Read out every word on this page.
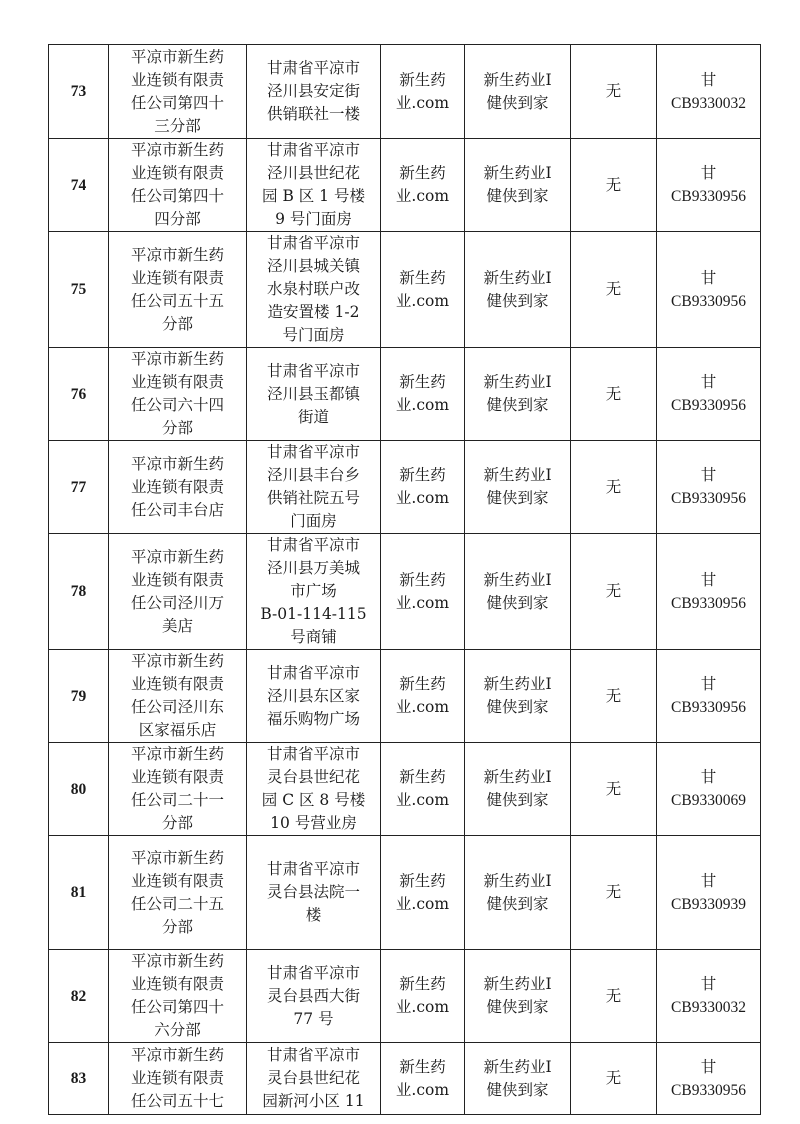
73	平凉市新生药
业连锁有限责
任公司第四十
三分部	甘肃省平凉市
泾川县安定街
供销联社一楼	新生药
业.com	新生药业I
健侠到家	无	甘
CB9330032
74	平凉市新生药
业连锁有限责
任公司第四十
四分部	甘肃省平凉市
泾川县世纪花
园 B 区 1 号楼
9 号门面房	新生药
业.com	新生药业I
健侠到家	无	甘
CB9330956
75	平凉市新生药
业连锁有限责
任公司五十五
分部	甘肃省平凉市
泾川县城关镇
水泉村联户改
造安置楼 1-2
号门面房	新生药
业.com	新生药业I
健侠到家	无	甘
CB9330956
76	平凉市新生药
业连锁有限责
任公司六十四
分部	甘肃省平凉市
泾川县玉都镇
街道	新生药
业.com	新生药业I
健侠到家	无	甘
CB9330956
77	平凉市新生药
业连锁有限责
任公司丰台店	甘肃省平凉市
泾川县丰台乡
供销社院五号
门面房	新生药
业.com	新生药业I
健侠到家	无	甘
CB9330956
78	平凉市新生药
业连锁有限责
任公司泾川万
美店	甘肃省平凉市
泾川县万美城
市广场
B-01-114-115
号商铺	新生药
业.com	新生药业I
健侠到家	无	甘
CB9330956
79	平凉市新生药
业连锁有限责
任公司泾川东
区家福乐店	甘肃省平凉市
泾川县东区家
福乐购物广场	新生药
业.com	新生药业I
健侠到家	无	甘
CB9330956
80	平凉市新生药
业连锁有限责
任公司二十一
分部	甘肃省平凉市
灵台县世纪花
园 C 区 8 号楼
10 号营业房	新生药
业.com	新生药业I
健侠到家	无	甘
CB9330069
81	平凉市新生药
业连锁有限责
任公司二十五
分部	甘肃省平凉市
灵台县法院一
楼	新生药
业.com	新生药业I
健侠到家	无	甘
CB9330939
82	平凉市新生药
业连锁有限责
任公司第四十
六分部	甘肃省平凉市
灵台县西大街
77 号	新生药
业.com	新生药业I
健侠到家	无	甘
CB9330032
83	平凉市新生药
业连锁有限责
任公司五十七	甘肃省平凉市
灵台县世纪花
园新河小区 11	新生药
业.com	新生药业I
健侠到家	无	甘
CB9330956
